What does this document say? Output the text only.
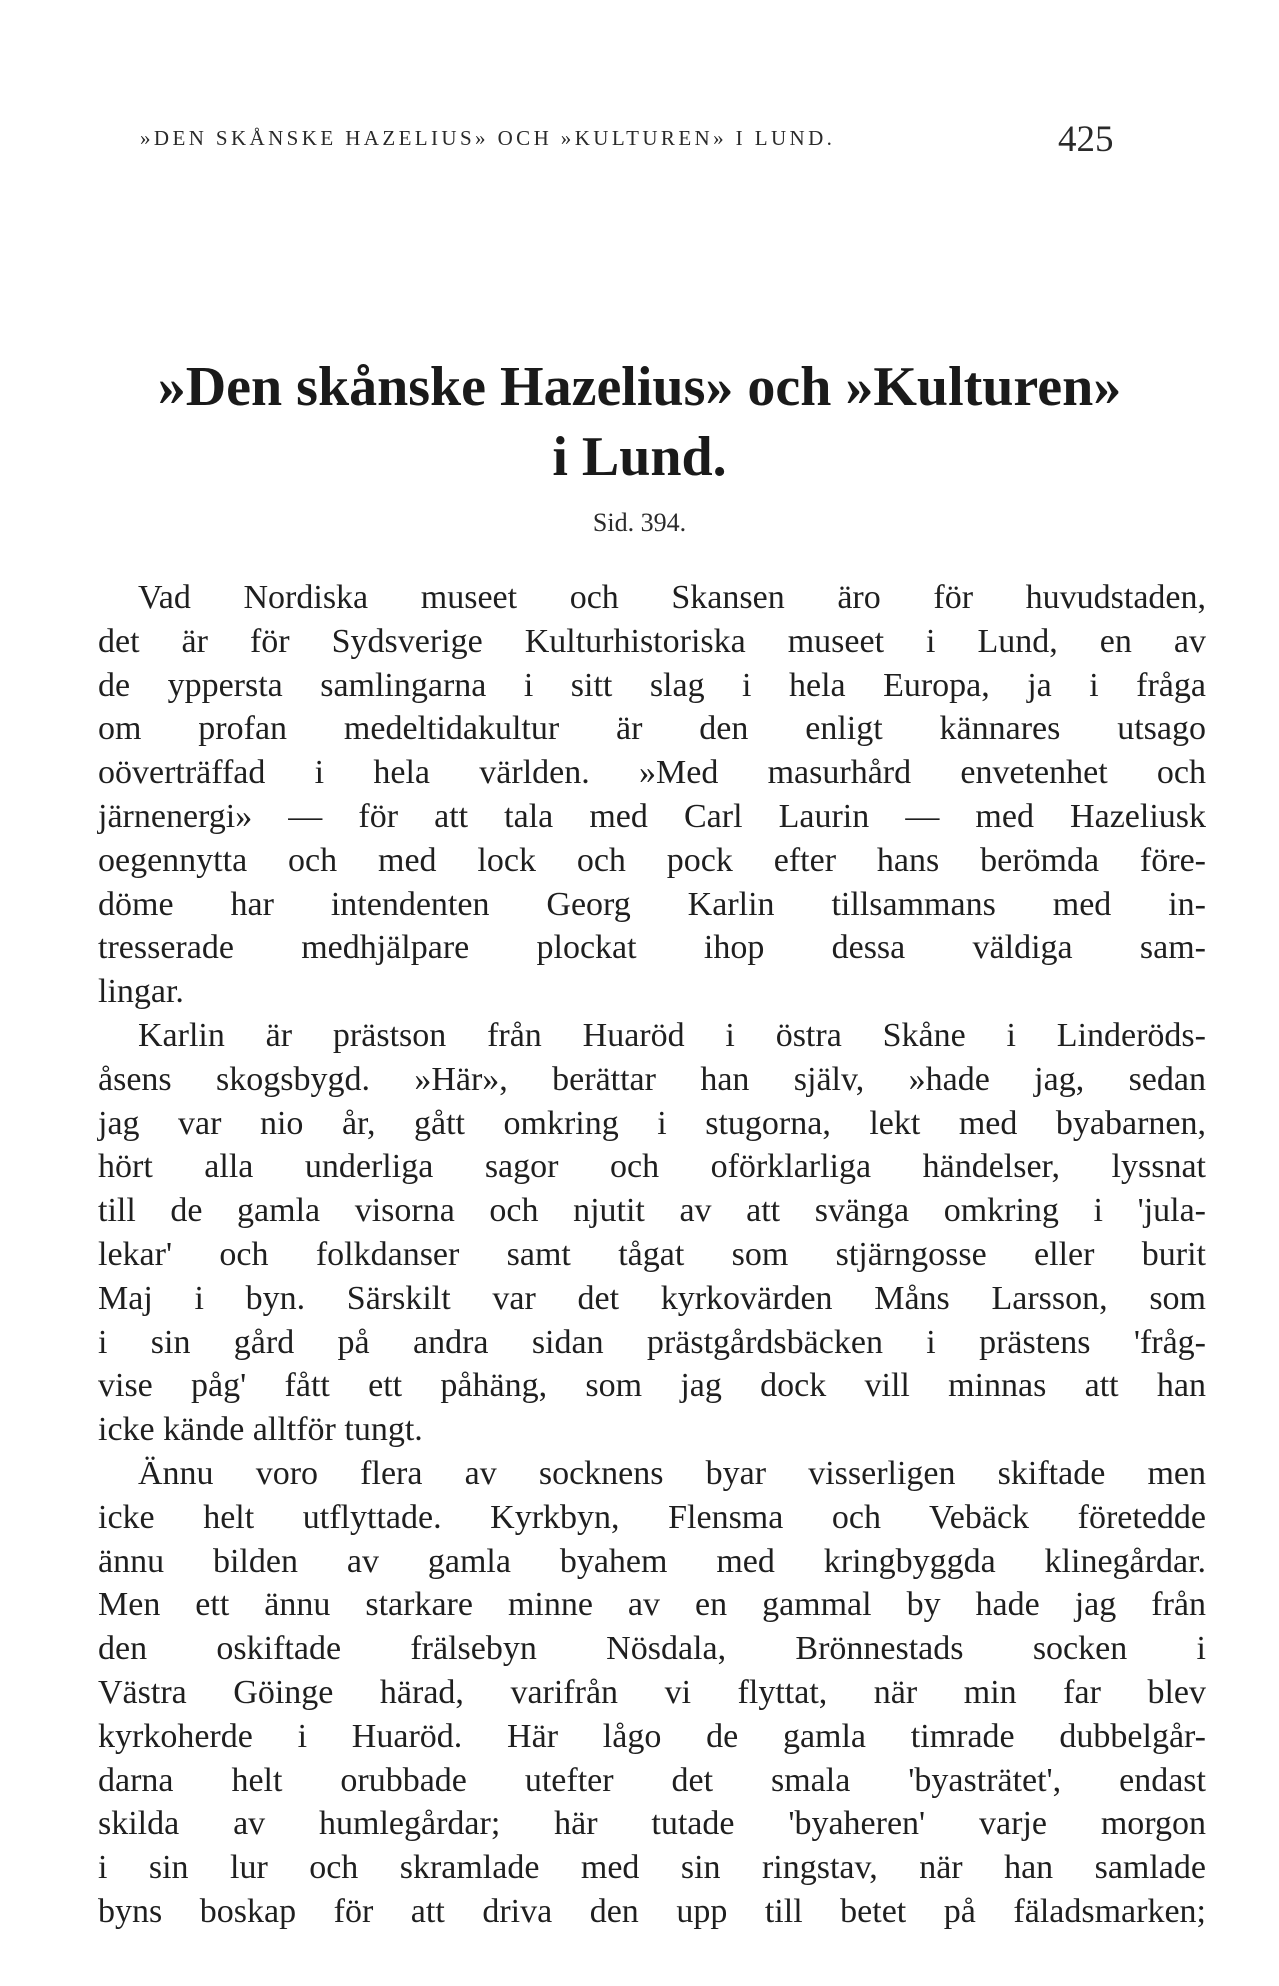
»DEN SKÅNSKE HAZELIUS» OCH »KULTUREN» I LUND.	425
»Den skånske Hazelius» och »Kulturen»
i Lund.
Sid. 394.
Vad Nordiska museet och Skansen äro för huvudstaden,
det är för Sydsverige Kulturhistoriska museet i Lund, en av
de yppersta samlingarna i sitt slag i hela Europa, ja i fråga
om profan medeltidakultur är den enligt kännares utsago
oöverträffad i hela världen. »Med masurhård envetenhet och
järnenergi» — för att tala med Carl Laurin — med Hazeliusk
oegennytta och med lock och pock efter hans berömda före-
döme har intendenten Georg Karlin tillsammans med in-
tresserade medhjälpare plockat ihop dessa väldiga sam-
lingar.
Karlin är prästson från Huaröd i östra Skåne i Linderöds-
åsens skogsbygd. »Här», berättar han själv, »hade jag, sedan
jag var nio år, gått omkring i stugorna, lekt med byabarnen,
hört alla underliga sagor och oförklarliga händelser, lyssnat
till de gamla visorna och njutit av att svänga omkring i 'jula-
lekar' och folkdanser samt tågat som stjärngosse eller burit
Maj i byn. Särskilt var det kyrkovärden Måns Larsson, som
i sin gård på andra sidan prästgårdsbäcken i prästens 'fråg-
vise påg' fått ett påhäng, som jag dock vill minnas att han
icke kände alltför tungt.
Ännu voro flera av socknens byar visserligen skiftade men
icke helt utflyttade. Kyrkbyn, Flensma och Vebäck företedde
ännu bilden av gamla byahem med kringbyggda klinegårdar.
Men ett ännu starkare minne av en gammal by hade jag från
den oskiftade frälsebyn Nösdala, Brönnestads socken i
Västra Göinge härad, varifrån vi flyttat, när min far blev
kyrkoherde i Huaröd. Här lågo de gamla timrade dubbelgår-
darna helt orubbade utefter det smala 'byasträtet', endast
skilda av humlegårdar; här tutade 'byaheren' varje morgon
i sin lur och skramlade med sin ringstav, när han samlade
byns boskap för att driva den upp till betet på fäladsmarken;
